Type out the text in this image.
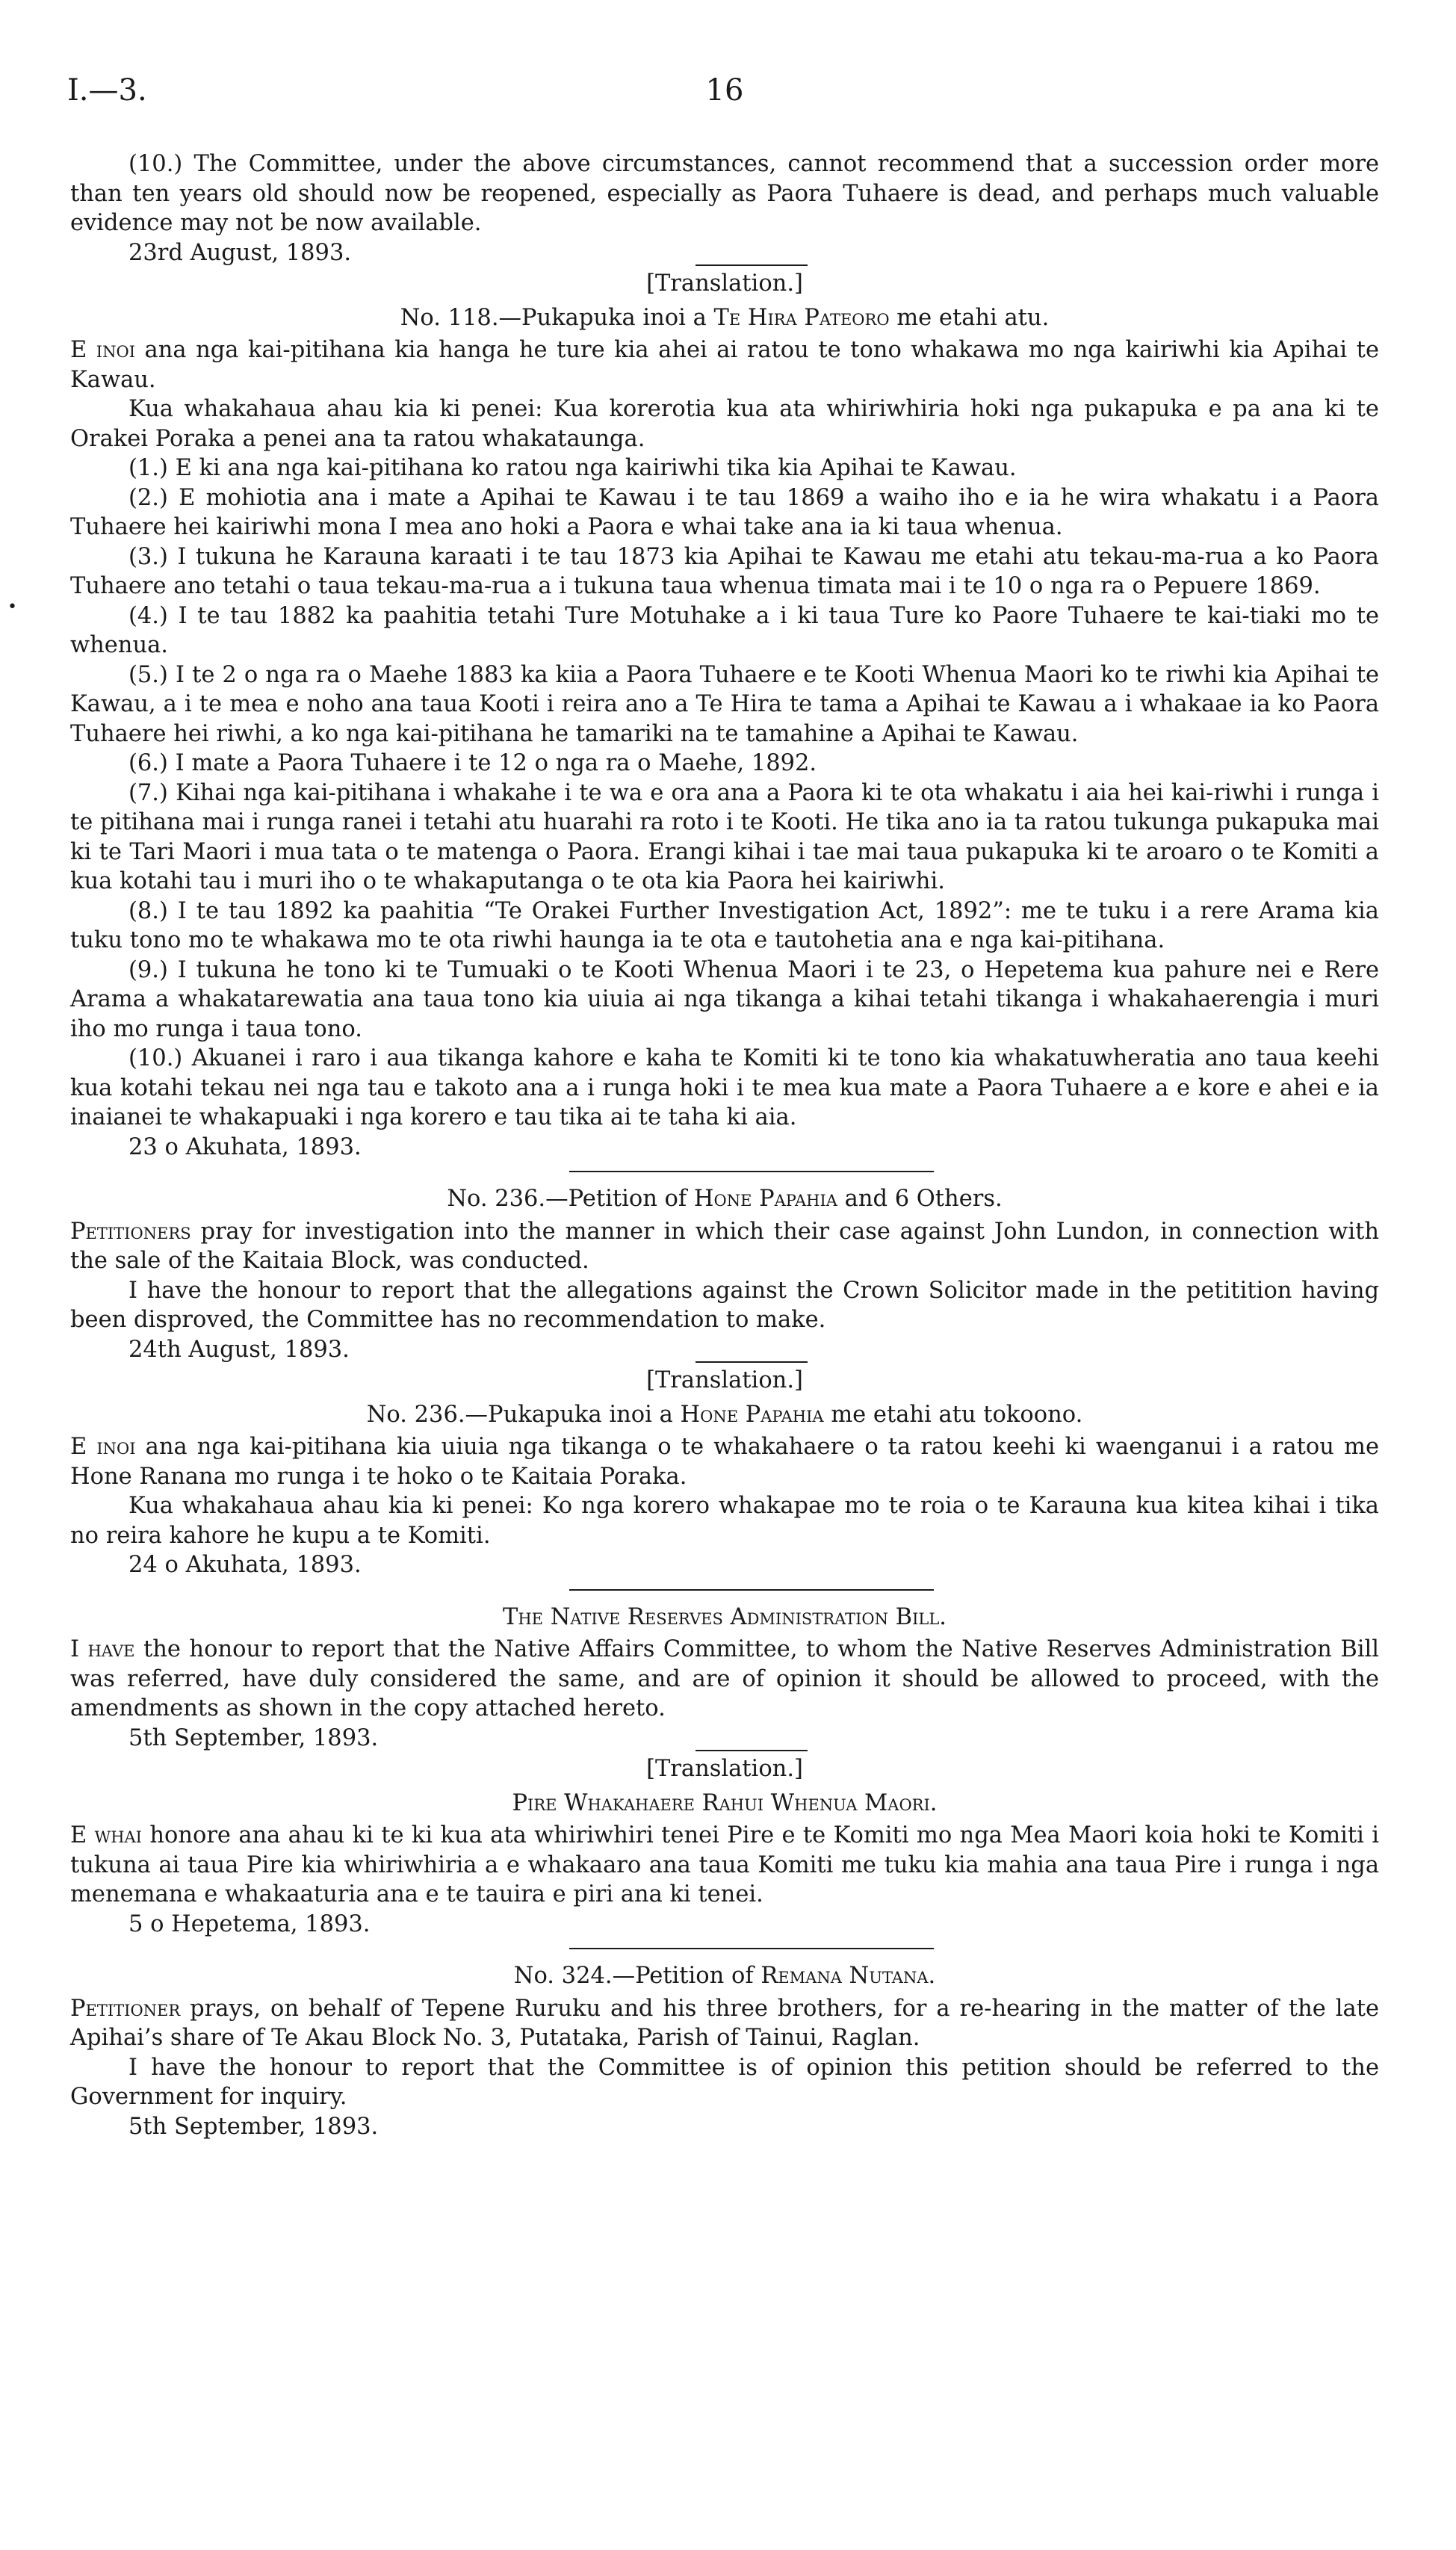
I.—3.	16
•

(10.) The Committee, under the above circumstances, cannot recommend that a succession order more than ten years old should now be reopened, especially as Paora Tuhaere is dead, and perhaps much valuable evidence may not be now available.

23rd August, 1893.

[Translation.]

No. 118.—Pukapuka inoi a Te Hira Pateoro me etahi atu.

E inoi ana nga kai-pitihana kia hanga he ture kia ahei ai ratou te tono whakawa mo nga kairiwhi kia Apihai te Kawau.

Kua whakahaua ahau kia ki penei: Kua korerotia kua ata whiriwhiria hoki nga pukapuka e pa ana ki te Orakei Poraka a penei ana ta ratou whakataunga.

(1.) E ki ana nga kai-pitihana ko ratou nga kairiwhi tika kia Apihai te Kawau.

(2.) E mohiotia ana i mate a Apihai te Kawau i te tau 1869 a waiho iho e ia he wira whakatu i a Paora Tuhaere hei kairiwhi mona I mea ano hoki a Paora e whai take ana ia ki taua whenua.

(3.) I tukuna he Karauna karaati i te tau 1873 kia Apihai te Kawau me etahi atu tekau-ma-rua a ko Paora Tuhaere ano tetahi o taua tekau-ma-rua a i tukuna taua whenua timata mai i te 10 o nga ra o Pepuere 1869.

(4.) I te tau 1882 ka paahitia tetahi Ture Motuhake a i ki taua Ture ko Paore Tuhaere te kai-tiaki mo te whenua.

(5.) I te 2 o nga ra o Maehe 1883 ka kiia a Paora Tuhaere e te Kooti Whenua Maori ko te riwhi kia Apihai te Kawau, a i te mea e noho ana taua Kooti i reira ano a Te Hira te tama a Apihai te Kawau a i whakaae ia ko Paora Tuhaere hei riwhi, a ko nga kai-pitihana he tamariki na te tamahine a Apihai te Kawau.

(6.) I mate a Paora Tuhaere i te 12 o nga ra o Maehe, 1892.

(7.) Kihai nga kai-pitihana i whakahe i te wa e ora ana a Paora ki te ota whakatu i aia hei kai-riwhi i runga i te pitihana mai i runga ranei i tetahi atu huarahi ra roto i te Kooti. He tika ano ia ta ratou tukunga pukapuka mai ki te Tari Maori i mua tata o te matenga o Paora. Erangi kihai i tae mai taua pukapuka ki te aroaro o te Komiti a kua kotahi tau i muri iho o te whakaputanga o te ota kia Paora hei kairiwhi.

(8.) I te tau 1892 ka paahitia “Te Orakei Further Investigation Act, 1892”: me te tuku i a rere Arama kia tuku tono mo te whakawa mo te ota riwhi haunga ia te ota e tautohetia ana e nga kai-pitihana.

(9.) I tukuna he tono ki te Tumuaki o te Kooti Whenua Maori i te 23, o Hepetema kua pahure nei e Rere Arama a whakatarewatia ana taua tono kia uiuia ai nga tikanga a kihai tetahi tikanga i whakahaerengia i muri iho mo runga i taua tono.

(10.) Akuanei i raro i aua tikanga kahore e kaha te Komiti ki te tono kia whakatuwheratia ano taua keehi kua kotahi tekau nei nga tau e takoto ana a i runga hoki i te mea kua mate a Paora Tuhaere a e kore e ahei e ia inaianei te whakapuaki i nga korero e tau tika ai te taha ki aia.

23 o Akuhata, 1893.

No. 236.—Petition of Hone Papahia and 6 Others.

Petitioners pray for investigation into the manner in which their case against John Lundon, in connection with the sale of the Kaitaia Block, was conducted.

I have the honour to report that the allegations against the Crown Solicitor made in the petitition having been disproved, the Committee has no recommendation to make.

24th August, 1893.

[Translation.]

No. 236.—Pukapuka inoi a Hone Papahia me etahi atu tokoono.

E inoi ana nga kai-pitihana kia uiuia nga tikanga o te whakahaere o ta ratou keehi ki waenganui i a ratou me Hone Ranana mo runga i te hoko o te Kaitaia Poraka.

Kua whakahaua ahau kia ki penei: Ko nga korero whakapae mo te roia o te Karauna kua kitea kihai i tika no reira kahore he kupu a te Komiti.

24 o Akuhata, 1893.

The Native Reserves Administration Bill.

I have the honour to report that the Native Affairs Committee, to whom the Native Reserves Administration Bill was referred, have duly considered the same, and are of opinion it should be allowed to proceed, with the amendments as shown in the copy attached hereto.

5th September, 1893.

[Translation.]

Pire Whakahaere Rahui Whenua Maori.

E whai honore ana ahau ki te ki kua ata whiriwhiri tenei Pire e te Komiti mo nga Mea Maori koia hoki te Komiti i tukuna ai taua Pire kia whiriwhiria a e whakaaro ana taua Komiti me tuku kia mahia ana taua Pire i runga i nga menemana e whakaaturia ana e te tauira e piri ana ki tenei.

5 o Hepetema, 1893.

No. 324.—Petition of Remana Nutana.

Petitioner prays, on behalf of Tepene Ruruku and his three brothers, for a re-hearing in the matter of the late Apihai’s share of Te Akau Block No. 3, Putataka, Parish of Tainui, Raglan.

I have the honour to report that the Committee is of opinion this petition should be referred to the Government for inquiry.

5th September, 1893.
